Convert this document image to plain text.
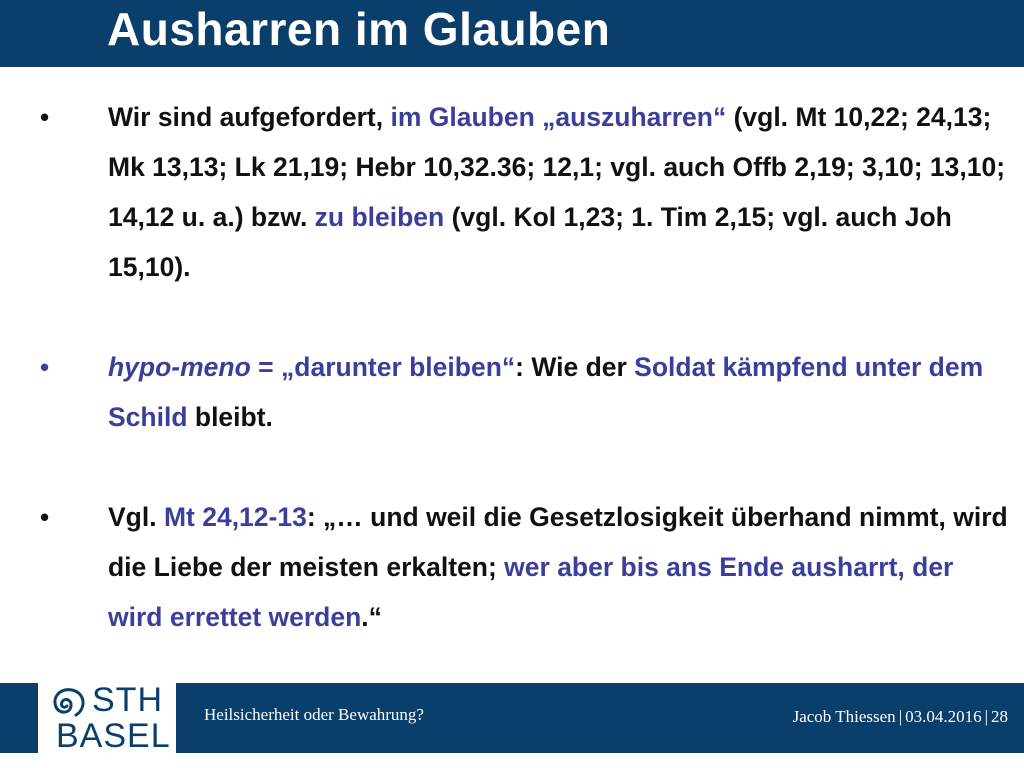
Ausharren im Glauben
• Wir sind aufgefordert, im Glauben „auszuharren“ (vgl. Mt 10,22; 24,13; Mk 13,13; Lk 21,19; Hebr 10,32.36; 12,1; vgl. auch Offb 2,19; 3,10; 13,10; 14,12 u. a.) bzw. zu bleiben (vgl. Kol 1,23; 1. Tim 2,15; vgl. auch Joh 15,10).
• hypo-meno = „darunter bleiben“: Wie der Soldat kämpfend unter dem Schild bleibt.
• Vgl. Mt 24,12-13: „… und weil die Gesetzlosigkeit überhand nimmt, wird die Liebe der meisten erkalten; wer aber bis ans Ende ausharrt, der wird errettet werden.“
STH
BASEL
Heilsicherheit oder Bewahrung?	Jacob Thiessen | 03.04.2016 | 28
